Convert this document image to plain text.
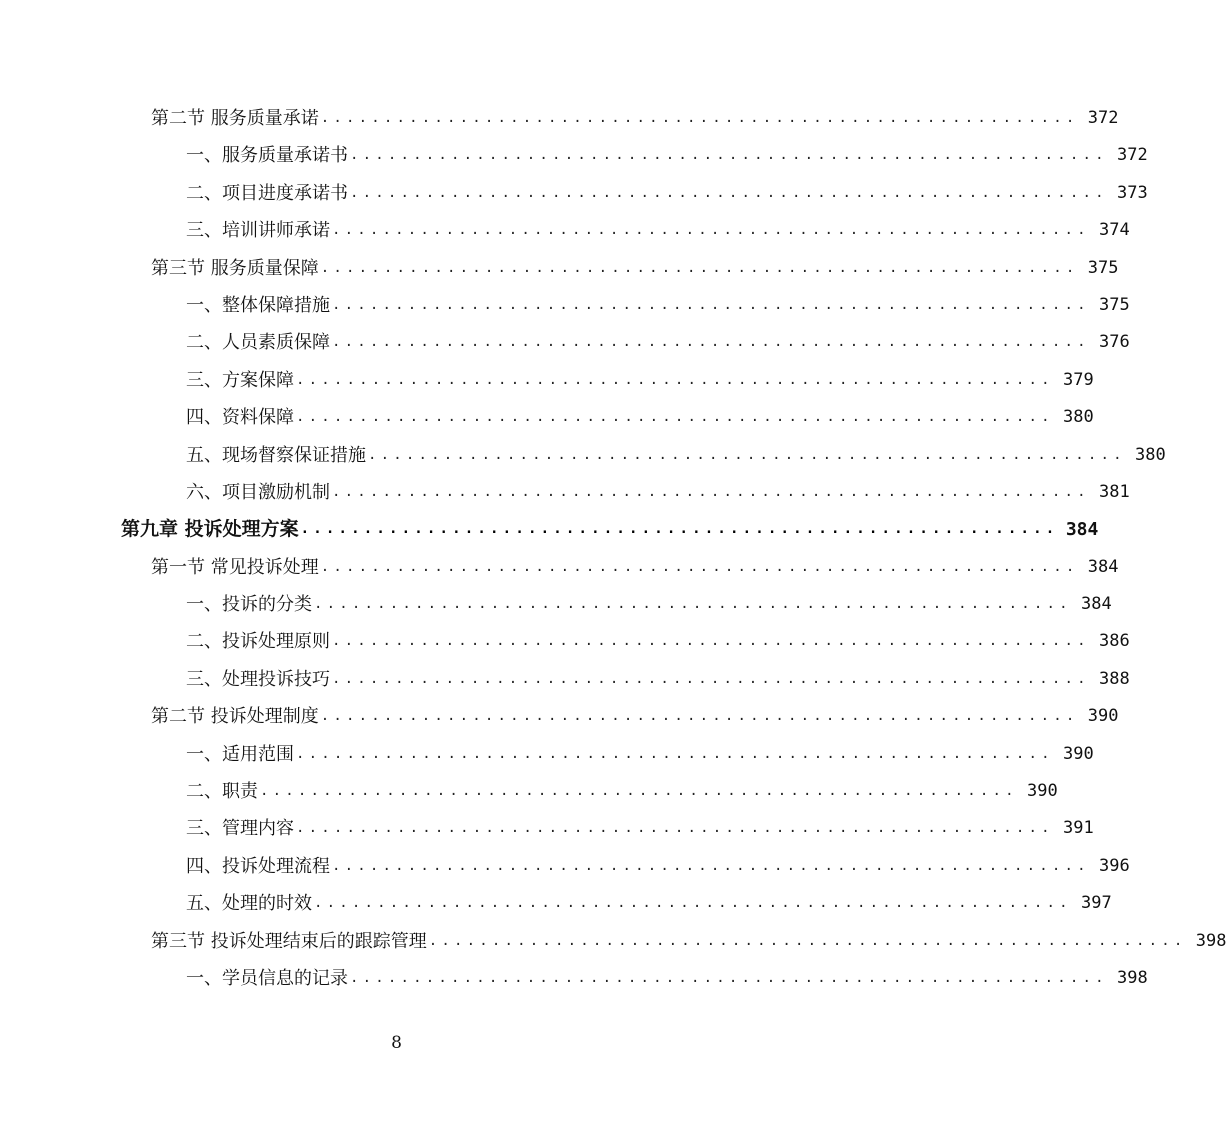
第二节 服务质量承诺 ............................................................ 372
一、服务质量承诺书 ............................................................ 372
二、项目进度承诺书 ............................................................ 373
三、培训讲师承诺 ............................................................ 374
第三节 服务质量保障 ............................................................ 375
一、整体保障措施 ............................................................ 375
二、人员素质保障 ............................................................ 376
三、方案保障 ............................................................ 379
四、资料保障 ............................................................ 380
五、现场督察保证措施 ............................................................ 380
六、项目激励机制 ............................................................ 381
第九章 投诉处理方案 ............................................................ 384
第一节 常见投诉处理 ............................................................ 384
一、投诉的分类 ............................................................ 384
二、投诉处理原则 ............................................................ 386
三、处理投诉技巧 ............................................................ 388
第二节 投诉处理制度 ............................................................ 390
一、适用范围 ............................................................ 390
二、职责 ............................................................ 390
三、管理内容 ............................................................ 391
四、投诉处理流程 ............................................................ 396
五、处理的时效 ............................................................ 397
第三节 投诉处理结束后的跟踪管理 ............................................................ 398
一、学员信息的记录 ............................................................ 398
8
